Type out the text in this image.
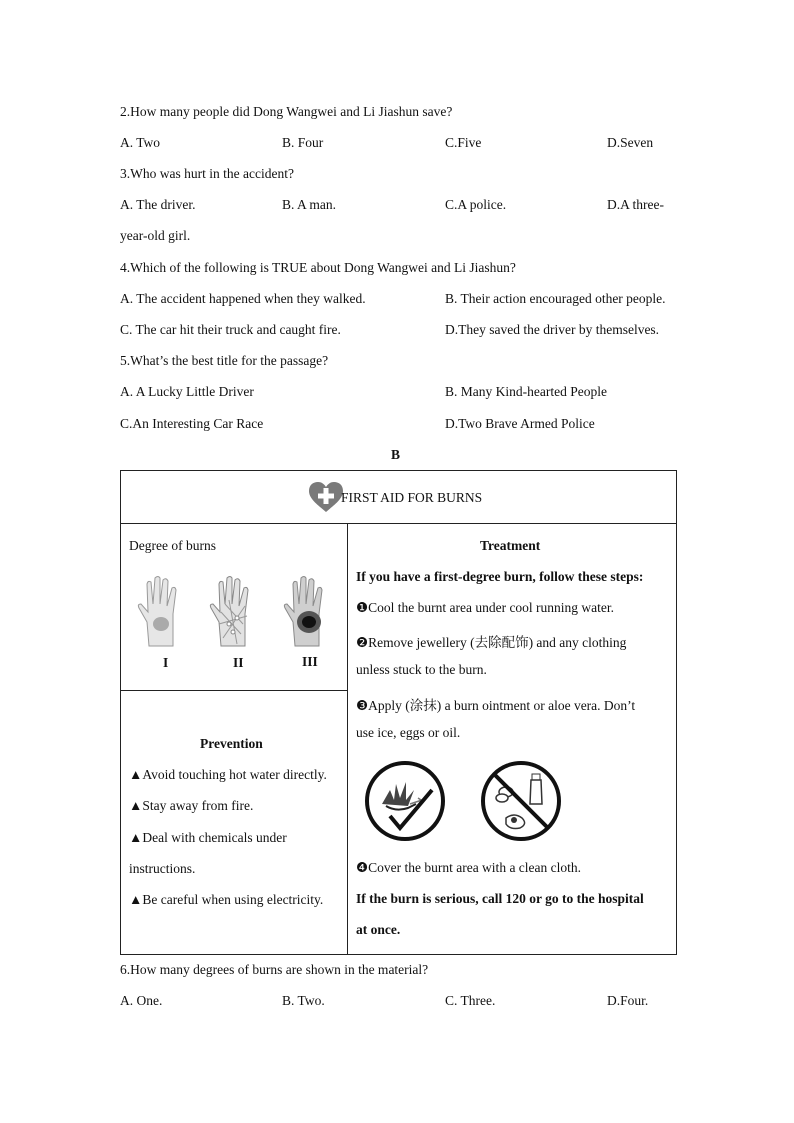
2.How many people did Dong Wangwei and Li Jiashun save?
A. Two	B. Four	C.Five	D.Seven
3.Who was hurt in the accident?
A. The driver.	B. A man.	C.A police.	D.A three-
year-old girl.
4.Which of the following is TRUE about Dong Wangwei and Li Jiashun?
A. The accident happened when they walked.	B. Their action encouraged other people.
C. The car hit their truck and caught fire.	D.They saved the driver by themselves.
5.What’s the best title for the passage?
A. A Lucky Little Driver	B. Many Kind-hearted People
C.An Interesting Car Race	D.Two Brave Armed Police
B
FIRST AID FOR BURNS

Degree of burns
I	II	III

Treatment
If you have a first-degree burn, follow these steps:
❶Cool the burnt area under cool running water.
❷Remove jewellery (去除配饰) and any clothing
unless stuck to the burn.
❸Apply (涂抹) a burn ointment or aloe vera. Don’t
use ice, eggs or oil.
❹Cover the burnt area with a clean cloth.
If the burn is serious, call 120 or go to the hospital
at once.

Prevention
▲Avoid touching hot water directly.
▲Stay away from fire.
▲Deal with chemicals under
instructions.
▲Be careful when using electricity.
6.How many degrees of burns are shown in the material?
A. One.	B. Two.	C. Three.	D.Four.
